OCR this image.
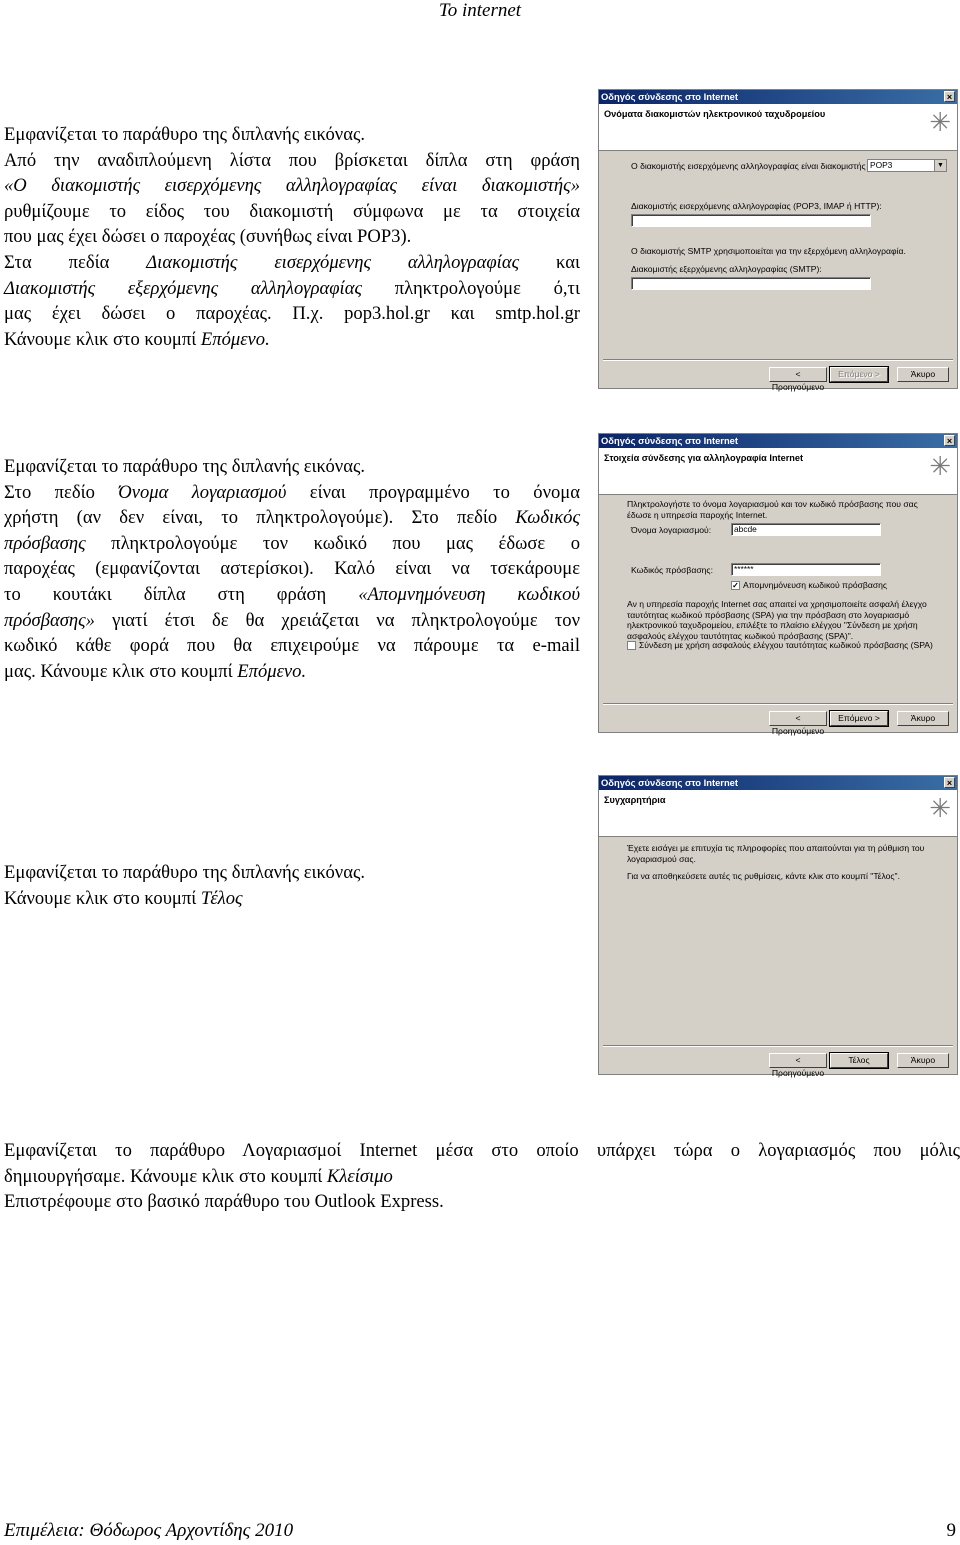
To internet
Εμφανίζεται το παράθυρο της διπλανής εικόνας.
Από την αναδιπλούμενη λίστα που βρίσκεται δίπλα στη φράση
«Ο διακομιστής εισερχόμενης αλληλογραφίας είναι διακομιστής»
ρυθμίζουμε το είδος του διακομιστή σύμφωνα με τα στοιχεία
που μας έχει δώσει ο παροχέας (συνήθως είναι POP3).
Στα πεδία Διακομιστής εισερχόμενης αλληλογραφίας και
Διακομιστής εξερχόμενης αλληλογραφίας πληκτρολογούμε ό,τι
μας έχει δώσει ο παροχέας. Π.χ. pop3.hol.gr και smtp.hol.gr
Κάνουμε κλικ στο κουμπί Επόμενο.
Οδηγός σύνδεσης στο Internet	×
Ονόματα διακομιστών ηλεκτρονικού ταχυδρομείου	✳
Ο διακομιστής εισερχόμενης αλληλογραφίας είναι διακομιστής POP3	▼
Διακομιστής εισερχόμενης αλληλογραφίας (POP3, IMAP ή HTTP):
Ο διακομιστής SMTP χρησιμοποιείται για την εξερχόμενη αλληλογραφία.
Διακομιστής εξερχόμενης αλληλογραφίας (SMTP):
< Προηγούμενο
Επόμενο >	Άκυρο
Εμφανίζεται το παράθυρο της διπλανής εικόνας.
Στο πεδίο Όνομα λογαριασμού είναι προγραμμένο το όνομα
χρήστη (αν δεν είναι, το πληκτρολογούμε). Στο πεδίο Κωδικός
πρόσβασης πληκτρολογούμε τον κωδικό που μας έδωσε ο
παροχέας (εμφανίζονται αστερίσκοι). Καλό είναι να τσεκάρουμε
το κουτάκι δίπλα στη φράση «Απομνημόνευση κωδικού
πρόσβασης» γιατί έτσι δε θα χρειάζεται να πληκτρολογούμε τον
κωδικό κάθε φορά που θα επιχειρούμε να πάρουμε τα e-mail
μας. Κάνουμε κλικ στο κουμπί Επόμενο.
Οδηγός σύνδεσης στο Internet	×
Στοιχεία σύνδεσης για αλληλογραφία Internet	✳
Πληκτρολογήστε το όνομα λογαριασμού και τον κωδικό πρόσβασης που σας έδωσε η υπηρεσία παροχής Internet.
Όνομα λογαριασμού:	abcde
Κωδικός πρόσβασης:	******
✓ Απομνημόνευση κωδικού πρόσβασης
Αν η υπηρεσία παροχής Internet σας απαιτεί να χρησιμοποιείτε ασφαλή έλεγχο ταυτότητας κωδικού πρόσβασης (SPA) για την πρόσβαση στο λογαριασμό ηλεκτρονικού ταχυδρομείου, επιλέξτε το πλαίσιο ελέγχου "Σύνδεση με χρήση ασφαλούς ελέγχου ταυτότητας κωδικού πρόσβασης (SPA)".
Σύνδεση με χρήση ασφαλούς ελέγχου ταυτότητας κωδικού πρόσβασης (SPA)
< Προηγούμενο
Επόμενο >	Άκυρο
Εμφανίζεται το παράθυρο της διπλανής εικόνας.
Κάνουμε κλικ στο κουμπί Τέλος
Οδηγός σύνδεσης στο Internet	×
Συγχαρητήρια	✳
Έχετε εισάγει με επιτυχία τις πληροφορίες που απαιτούνται για τη ρύθμιση του λογαριασμού σας.
Για να αποθηκεύσετε αυτές τις ρυθμίσεις, κάντε κλικ στο κουμπί "Τέλος".
< Προηγούμενο
Τέλος	Άκυρο
Εμφανίζεται το παράθυρο Λογαριασμοί Internet μέσα στο οποίο υπάρχει τώρα ο λογαριασμός που μόλις
δημιουργήσαμε. Κάνουμε κλικ στο κουμπί Κλείσιμο
Επιστρέφουμε στο βασικό παράθυρο του Outlook Express.
Επιμέλεια: Θόδωρος Αρχοντίδης 2010	9
